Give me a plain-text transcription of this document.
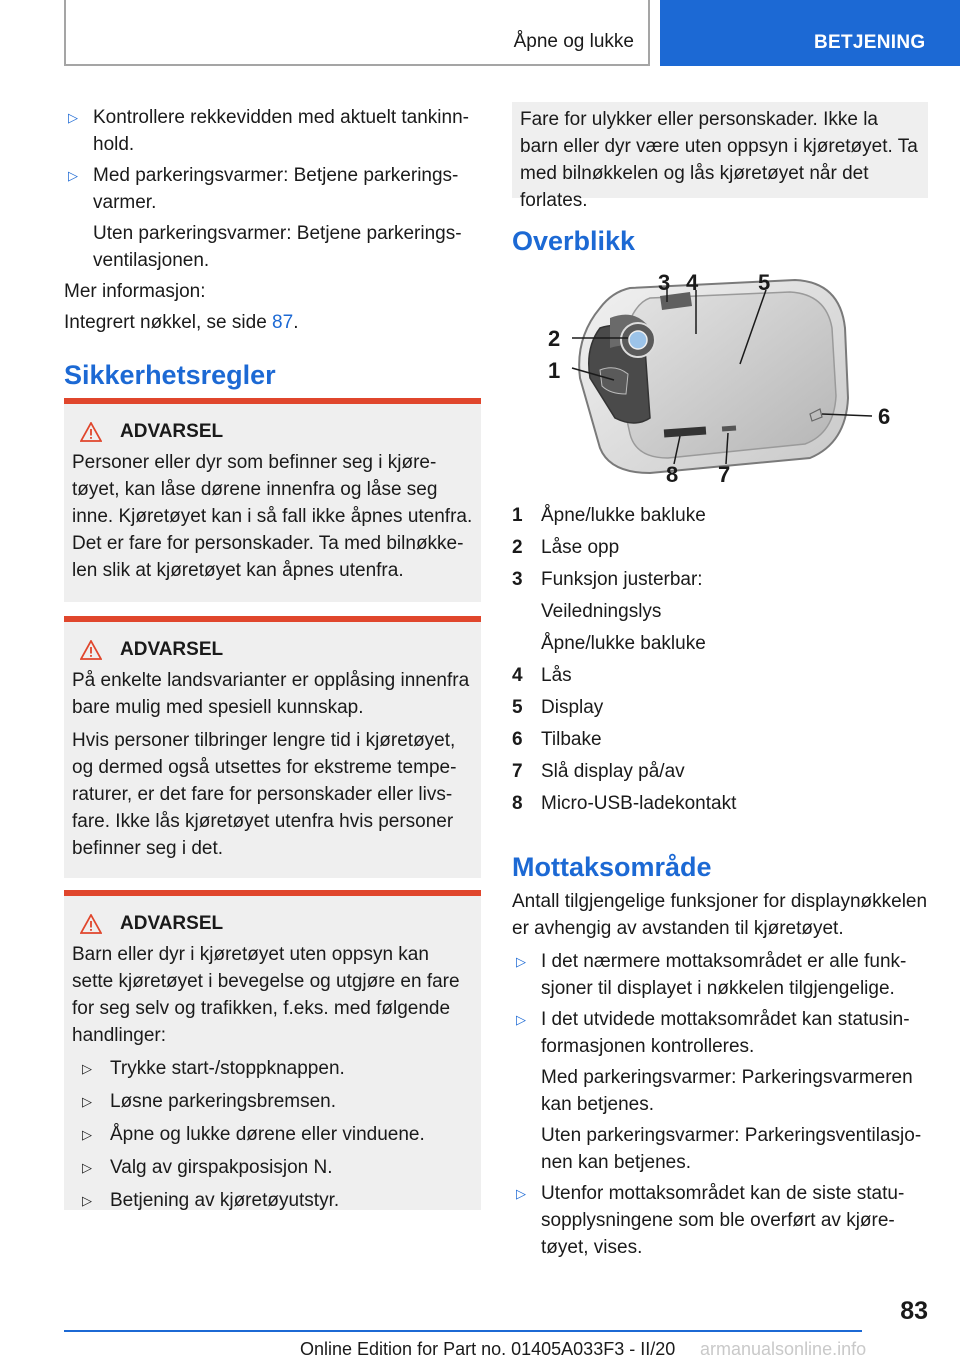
Åpne og lukke	BETJENING
▷ Kontrollere rekkevidden med aktuelt tankinn-hold.
▷ Med parkeringsvarmer: Betjene parkerings-varmer.
Uten parkeringsvarmer: Betjene parkerings-ventilasjonen.
Mer informasjon:
Integrert nøkkel, se side 87.
Sikkerhetsregler
ADVARSEL

Personer eller dyr som befinner seg i kjøre-tøyet, kan låse dørene innenfra og låse seg inne. Kjøretøyet kan i så fall ikke åpnes utenfra. Det er fare for personskader. Ta med bilnøkke-len slik at kjøretøyet kan åpnes utenfra.

ADVARSEL

På enkelte landsvarianter er opplåsing innenfra bare mulig med spesiell kunnskap.

Hvis personer tilbringer lengre tid i kjøretøyet, og dermed også utsettes for ekstreme tempe-raturer, er det fare for personskader eller livs-fare. Ikke lås kjøretøyet utenfra hvis personer befinner seg i det.

ADVARSEL

Barn eller dyr i kjøretøyet uten oppsyn kan sette kjøretøyet i bevegelse og utgjøre en fare for seg selv og trafikken, f.eks. med følgende handlinger:

▷ Trykke start-/stoppknappen.
▷ Løsne parkeringsbremsen.
▷ Åpne og lukke dørene eller vinduene.
▷ Valg av girspakposisjon N.
▷ Betjening av kjøretøyutstyr.
Fare for ulykker eller personskader. Ikke la barn eller dyr være uten oppsyn i kjøretøyet. Ta med bilnøkkelen og lås kjøretøyet når det forlates.
Overblikk
3 4	5
2
1
6
8 7
1 Åpne/lukke bakluke
2 Låse opp
3 Funksjon justerbar:
Veiledningslys
Åpne/lukke bakluke
4 Lås
5 Display
6 Tilbake
7 Slå display på/av
8 Micro-USB-ladekontakt
Mottaksområde
Antall tilgjengelige funksjoner for displaynøkkelen er avhengig av avstanden til kjøretøyet.
▷ I det nærmere mottaksområdet er alle funk-sjoner til displayet i nøkkelen tilgjengelige.
▷ I det utvidede mottaksområdet kan statusin-formasjonen kontrolleres.
Med parkeringsvarmer: Parkeringsvarmeren kan betjenes.
Uten parkeringsvarmer: Parkeringsventilasjo-nen kan betjenes.
▷ Utenfor mottaksområdet kan de siste statu-sopplysningene som ble overført av kjøre-tøyet, vises.
83
Online Edition for Part no. 01405A033F3 - II/20 armanualsonline.info
